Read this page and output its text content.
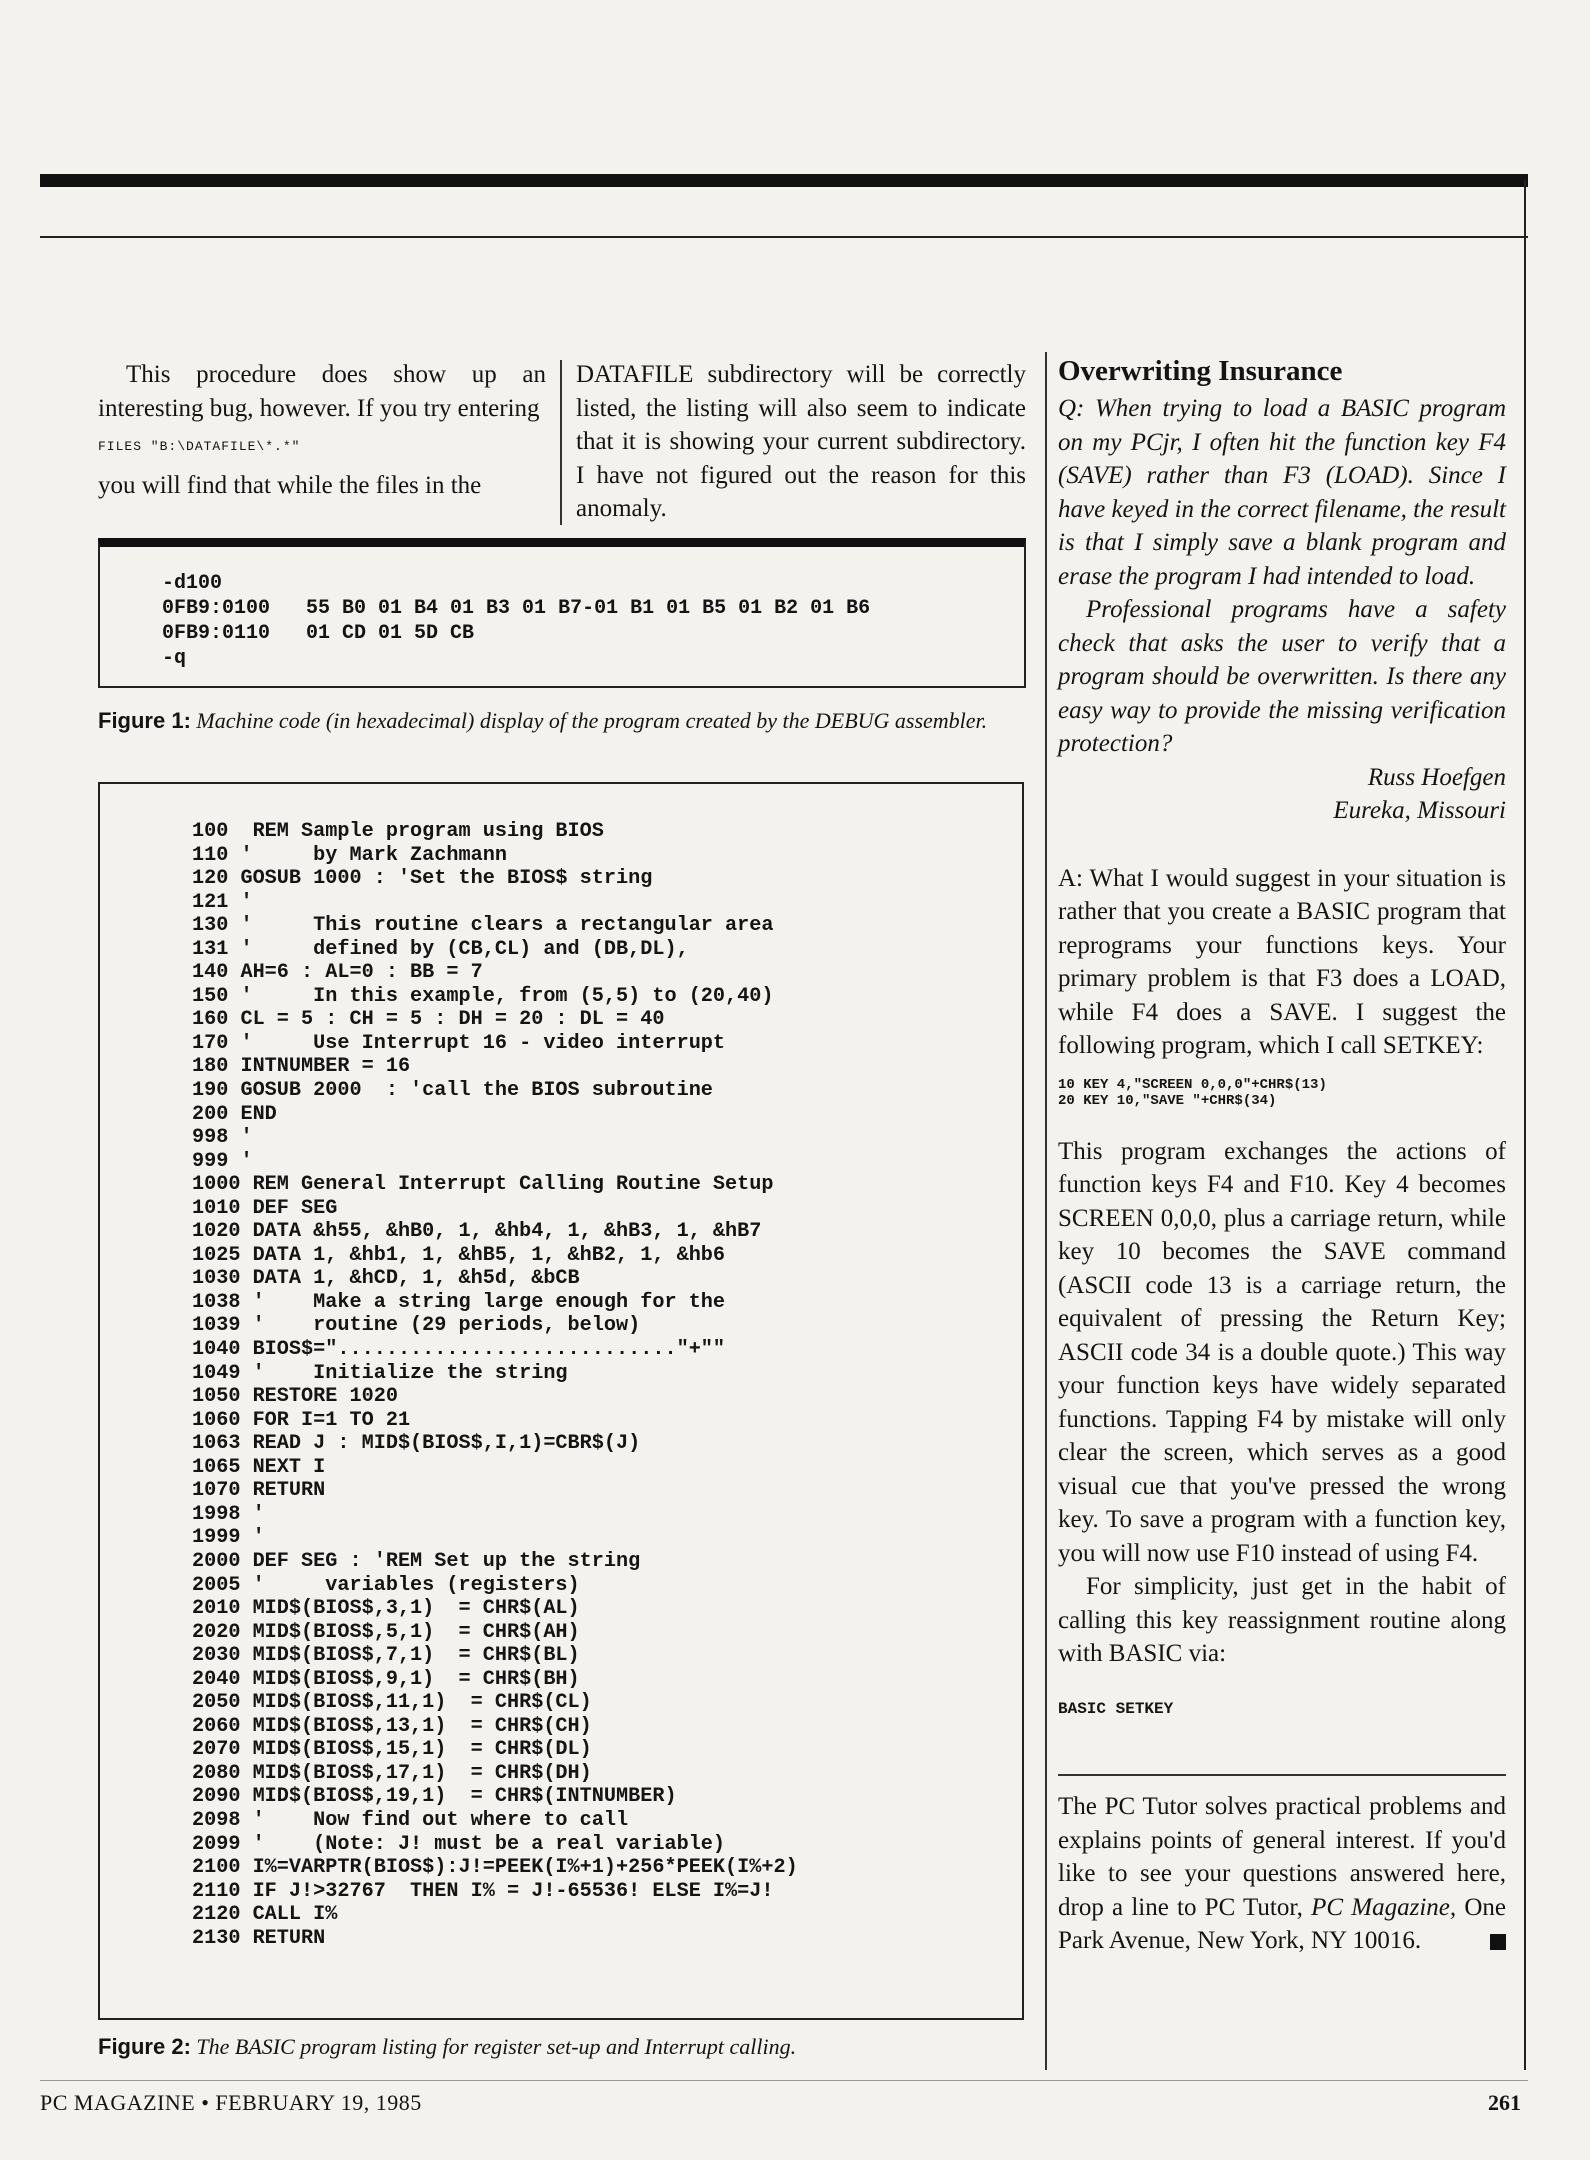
This procedure does show up an interesting bug, however. If you try entering

FILES "B:\DATAFILE\*.*"

you will find that while the files in the

DATAFILE subdirectory will be correctly listed, the listing will also seem to indicate that it is showing your current subdirectory. I have not figured out the reason for this anomaly.

-d100
0FB9:0100   55 B0 01 B4 01 B3 01 B7-01 B1 01 B5 01 B2 01 B6
0FB9:0110   01 CD 01 5D CB
-q
Figure 1: Machine code (in hexadecimal) display of the program created by the DEBUG assembler.
100  REM Sample program using BIOS
110 '     by Mark Zachmann
120 GOSUB 1000 : 'Set the BIOS$ string
121 '
130 '     This routine clears a rectangular area
131 '     defined by (CB,CL) and (DB,DL),
140 AH=6 : AL=0 : BB = 7
150 '     In this example, from (5,5) to (20,40)
160 CL = 5 : CH = 5 : DH = 20 : DL = 40
170 '     Use Interrupt 16 - video interrupt
180 INTNUMBER = 16
190 GOSUB 2000  : 'call the BIOS subroutine
200 END
998 '
999 '
1000 REM General Interrupt Calling Routine Setup
1010 DEF SEG
1020 DATA &h55, &hB0, 1, &hb4, 1, &hB3, 1, &hB7
1025 DATA 1, &hb1, 1, &hB5, 1, &hB2, 1, &hb6
1030 DATA 1, &hCD, 1, &h5d, &bCB
1038 '    Make a string large enough for the
1039 '    routine (29 periods, below)
1040 BIOS$="............................"+""
1049 '    Initialize the string
1050 RESTORE 1020
1060 FOR I=1 TO 21
1063 READ J : MID$(BIOS$,I,1)=CBR$(J)
1065 NEXT I
1070 RETURN
1998 '
1999 '
2000 DEF SEG : 'REM Set up the string
2005 '     variables (registers)
2010 MID$(BIOS$,3,1)  = CHR$(AL)
2020 MID$(BIOS$,5,1)  = CHR$(AH)
2030 MID$(BIOS$,7,1)  = CHR$(BL)
2040 MID$(BIOS$,9,1)  = CHR$(BH)
2050 MID$(BIOS$,11,1)  = CHR$(CL)
2060 MID$(BIOS$,13,1)  = CHR$(CH)
2070 MID$(BIOS$,15,1)  = CHR$(DL)
2080 MID$(BIOS$,17,1)  = CHR$(DH)
2090 MID$(BIOS$,19,1)  = CHR$(INTNUMBER)
2098 '    Now find out where to call
2099 '    (Note: J! must be a real variable)
2100 I%=VARPTR(BIOS$):J!=PEEK(I%+1)+256*PEEK(I%+2)
2110 IF J!>32767  THEN I% = J!-65536! ELSE I%=J!
2120 CALL I%
2130 RETURN
Figure 2: The BASIC program listing for register set-up and Interrupt calling.
Overwriting Insurance

Q: When trying to load a BASIC program on my PCjr, I often hit the function key F4 (SAVE) rather than F3 (LOAD). Since I have keyed in the correct filename, the result is that I simply save a blank program and erase the program I had intended to load.

Professional programs have a safety check that asks the user to verify that a program should be overwritten. Is there any easy way to provide the missing verification protection?

Russ Hoefgen

Eureka, Missouri

A: What I would suggest in your situation is rather that you create a BASIC program that reprograms your functions keys. Your primary problem is that F3 does a LOAD, while F4 does a SAVE. I suggest the following program, which I call SETKEY:

10 KEY 4,"SCREEN 0,0,0"+CHR$(13)
20 KEY 10,"SAVE "+CHR$(34)

This program exchanges the actions of function keys F4 and F10. Key 4 becomes SCREEN 0,0,0, plus a carriage return, while key 10 becomes the SAVE command (ASCII code 13 is a carriage return, the equivalent of pressing the Return Key; ASCII code 34 is a double quote.) This way your function keys have widely separated functions. Tapping F4 by mistake will only clear the screen, which serves as a good visual cue that you've pressed the wrong key. To save a program with a function key, you will now use F10 instead of using F4.

For simplicity, just get in the habit of calling this key reassignment routine along with BASIC via:

BASIC SETKEY

The PC Tutor solves practical problems and explains points of general interest. If you'd like to see your questions answered here, drop a line to PC Tutor, PC Magazine, One Park Avenue, New York, NY 10016.

PC MAGAZINE • FEBRUARY 19, 1985	261
